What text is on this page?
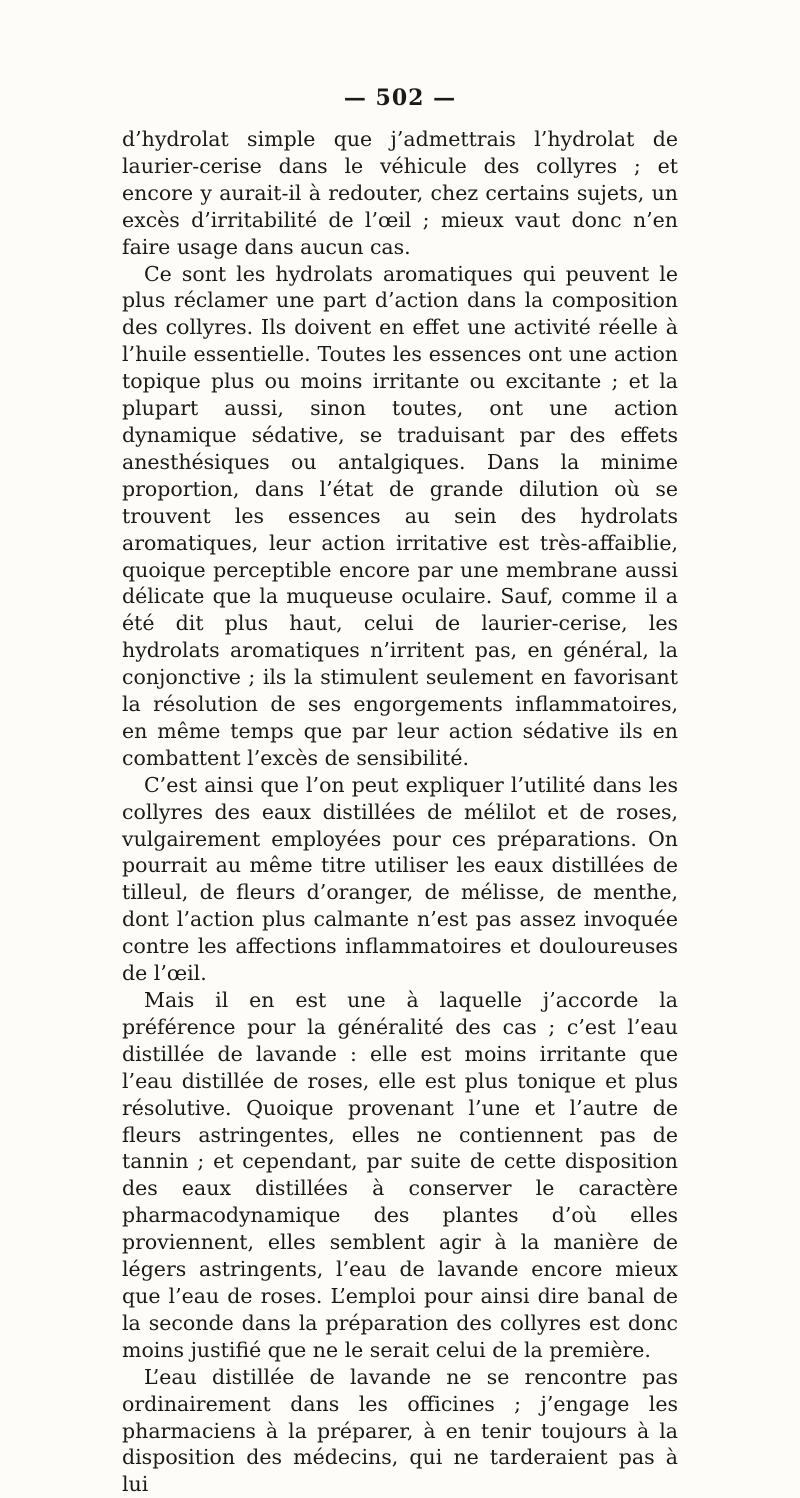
— 502 —

d’hydrolat simple que j’admettrais l’hydrolat de laurier-cerise dans le véhicule des collyres ; et encore y aurait-il à redouter, chez certains sujets, un excès d’irritabilité de l’œil ; mieux vaut donc n’en faire usage dans aucun cas.

Ce sont les hydrolats aromatiques qui peuvent le plus réclamer une part d’action dans la composition des collyres. Ils doivent en effet une activité réelle à l’huile essentielle. Toutes les essences ont une action topique plus ou moins irritante ou excitante ; et la plupart aussi, sinon toutes, ont une action dynamique sédative, se traduisant par des effets anesthésiques ou antalgiques. Dans la minime proportion, dans l’état de grande dilution où se trouvent les essences au sein des hydrolats aromatiques, leur action irritative est très-affaiblie, quoique perceptible encore par une membrane aussi délicate que la muqueuse oculaire. Sauf, comme il a été dit plus haut, celui de laurier-cerise, les hydrolats aromatiques n’irritent pas, en général, la conjonctive ; ils la stimulent seulement en favorisant la résolution de ses engorgements inflammatoires, en même temps que par leur action sédative ils en combattent l’excès de sensibilité.

C’est ainsi que l’on peut expliquer l’utilité dans les collyres des eaux distillées de mélilot et de roses, vulgairement employées pour ces préparations. On pourrait au même titre utiliser les eaux distillées de tilleul, de fleurs d’oranger, de mélisse, de menthe, dont l’action plus calmante n’est pas assez invoquée contre les affections inflammatoires et douloureuses de l’œil.

Mais il en est une à laquelle j’accorde la préférence pour la généralité des cas ; c’est l’eau distillée de lavande : elle est moins irritante que l’eau distillée de roses, elle est plus tonique et plus résolutive. Quoique provenant l’une et l’autre de fleurs astringentes, elles ne contiennent pas de tannin ; et cependant, par suite de cette disposition des eaux distillées à conserver le caractère pharmacodynamique des plantes d’où elles proviennent, elles semblent agir à la manière de légers astringents, l’eau de lavande encore mieux que l’eau de roses. L’emploi pour ainsi dire banal de la seconde dans la préparation des collyres est donc moins justifié que ne le serait celui de la première.

L’eau distillée de lavande ne se rencontre pas ordinairement dans les officines ; j’engage les pharmaciens à la préparer, à en tenir toujours à la disposition des médecins, qui ne tarderaient pas à lui
